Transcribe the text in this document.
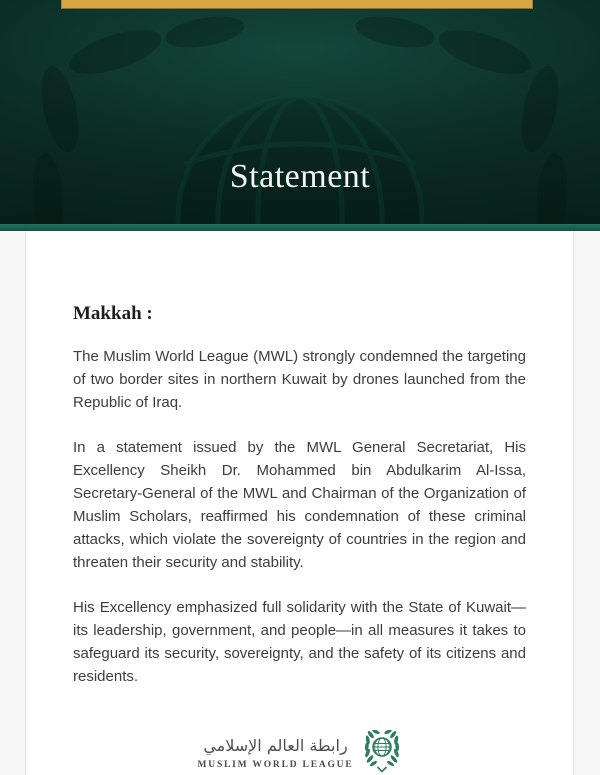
Statement
Makkah :

The Muslim World League (MWL) strongly condemned the targeting of two border sites in northern Kuwait by drones launched from the Republic of Iraq.

In a statement issued by the MWL General Secretariat, His Excellency Sheikh Dr. Mohammed bin Abdulkarim Al-Issa, Secretary-General of the MWL and Chairman of the Organization of Muslim Scholars, reaffirmed his condemnation of these criminal attacks, which violate the sovereignty of countries in the region and threaten their security and stability.

His Excellency emphasized full solidarity with the State of Kuwait—its leadership, government, and people—in all measures it takes to safeguard its security, sovereignty, and the safety of its citizens and residents.

رابطة العالم الإسلامي
MUSLIM WORLD LEAGUE
